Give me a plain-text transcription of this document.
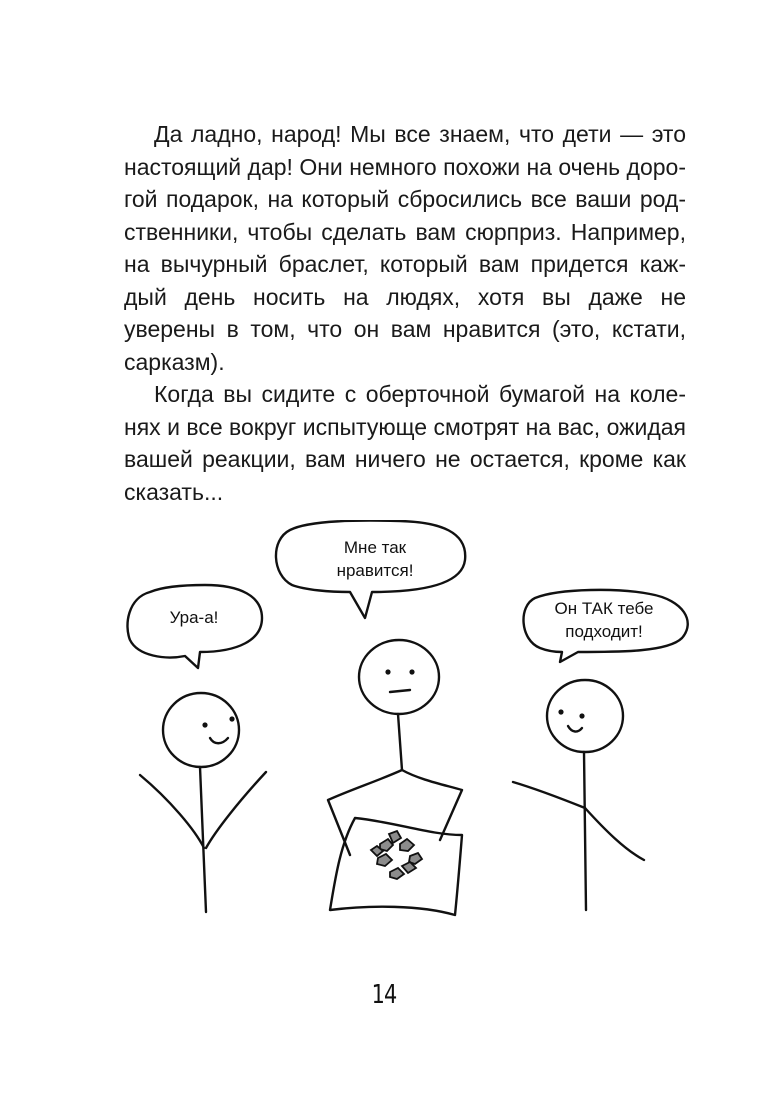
Да ладно, народ! Мы все знаем, что дети — это настоящий дар! Они немного похожи на очень доро-гой подарок, на который сбросились все ваши род-ственники, чтобы сделать вам сюрприз. Например, на вычурный браслет, который вам придется каж-дый день носить на людях, хотя вы даже не уверены в том, что он вам нравится (это, кстати, сарказм).

Когда вы сидите с оберточной бумагой на коле-нях и все вокруг испытующе смотрят на вас, ожидая вашей реакции, вам ничего не остается, кроме как сказать...

Ура-а!
Мне так
нравится!
Он ТАК тебе
подходит!
14
